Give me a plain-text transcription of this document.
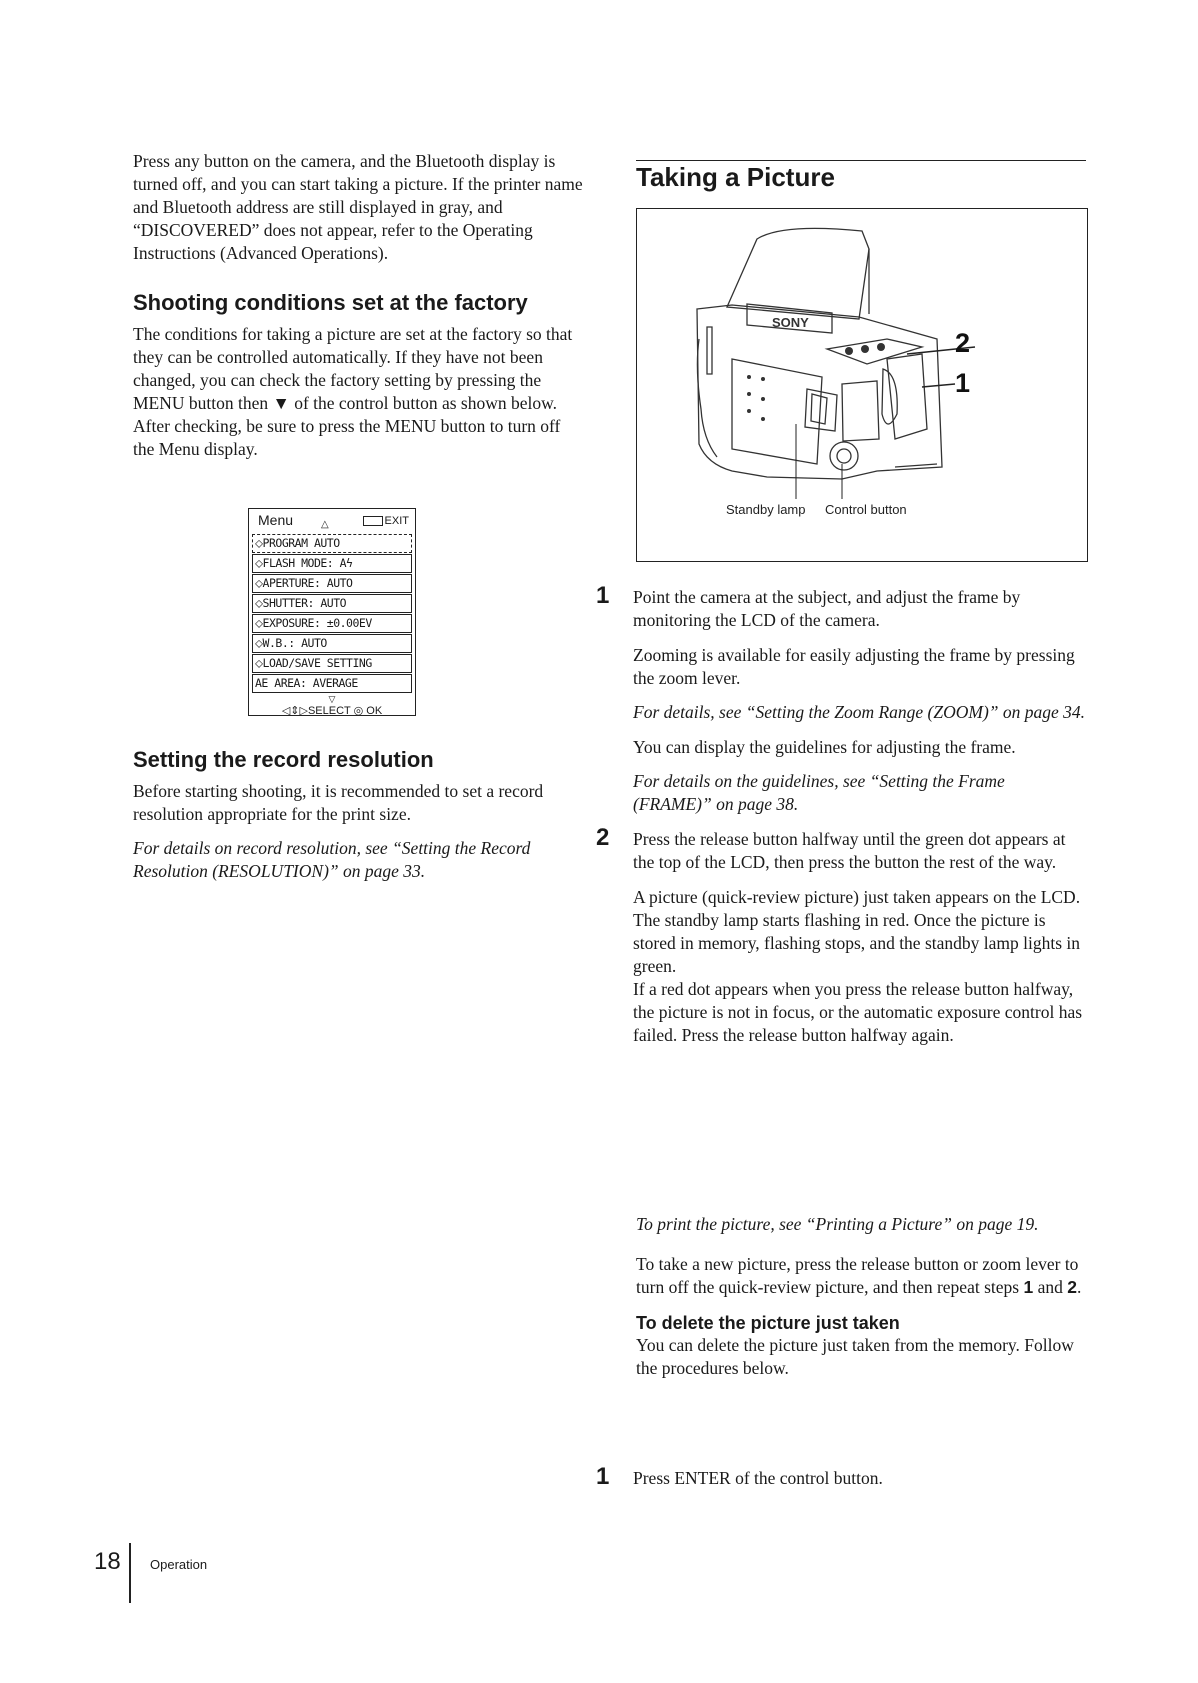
Press any button on the camera, and the Bluetooth display is turned off, and you can start taking a picture. If the printer name and Bluetooth address are still displayed in gray, and “DISCOVERED” does not appear, refer to the Operating Instructions (Advanced Operations).

Shooting conditions set at the factory

The conditions for taking a picture are set at the factory so that they can be controlled automatically. If they have not been changed, you can check the factory setting by pressing the MENU button then ▼ of the control button as shown below. After checking, be sure to press the MENU button to turn off the Menu display.

Menu	△	EXIT
⬦PROGRAM AUTO
⬦FLASH MODE: Aϟ
⬦APERTURE: AUTO
⬦SHUTTER: AUTO
⬦EXPOSURE: ±0.00EV
⬦W.B.: AUTO
⬦LOAD/SAVE SETTING
AE AREA: AVERAGE
▽
◁⇕▷SELECT ◎ OK
Setting the record resolution

Before starting shooting, it is recommended to set a record resolution appropriate for the print size.

For details on record resolution, see “Setting the Record Resolution (RESOLUTION)” on page 33.

Taking a Picture
SONY
2
1
Standby lamp Control button
1 Point the camera at the subject, and adjust the frame by monitoring the LCD of the camera.

Zooming is available for easily adjusting the frame by pressing the zoom lever.

For details, see “Setting the Zoom Range (ZOOM)” on page 34.

You can display the guidelines for adjusting the frame.

For details on the guidelines, see “Setting the Frame (FRAME)” on page 38.

2 Press the release button halfway until the green dot appears at the top of the LCD, then press the button the rest of the way.

A picture (quick-review picture) just taken appears on the LCD. The standby lamp starts flashing in red. Once the picture is stored in memory, flashing stops, and the standby lamp lights in green.

If a red dot appears when you press the release button halfway, the picture is not in focus, or the automatic exposure control has failed. Press the release button halfway again.

To print the picture, see “Printing a Picture” on page 19.

To take a new picture, press the release button or zoom lever to turn off the quick-review picture, and then repeat steps 1 and 2.

To delete the picture just taken

You can delete the picture just taken from the memory. Follow the procedures below.

1 Press ENTER of the control button.

18 Operation
